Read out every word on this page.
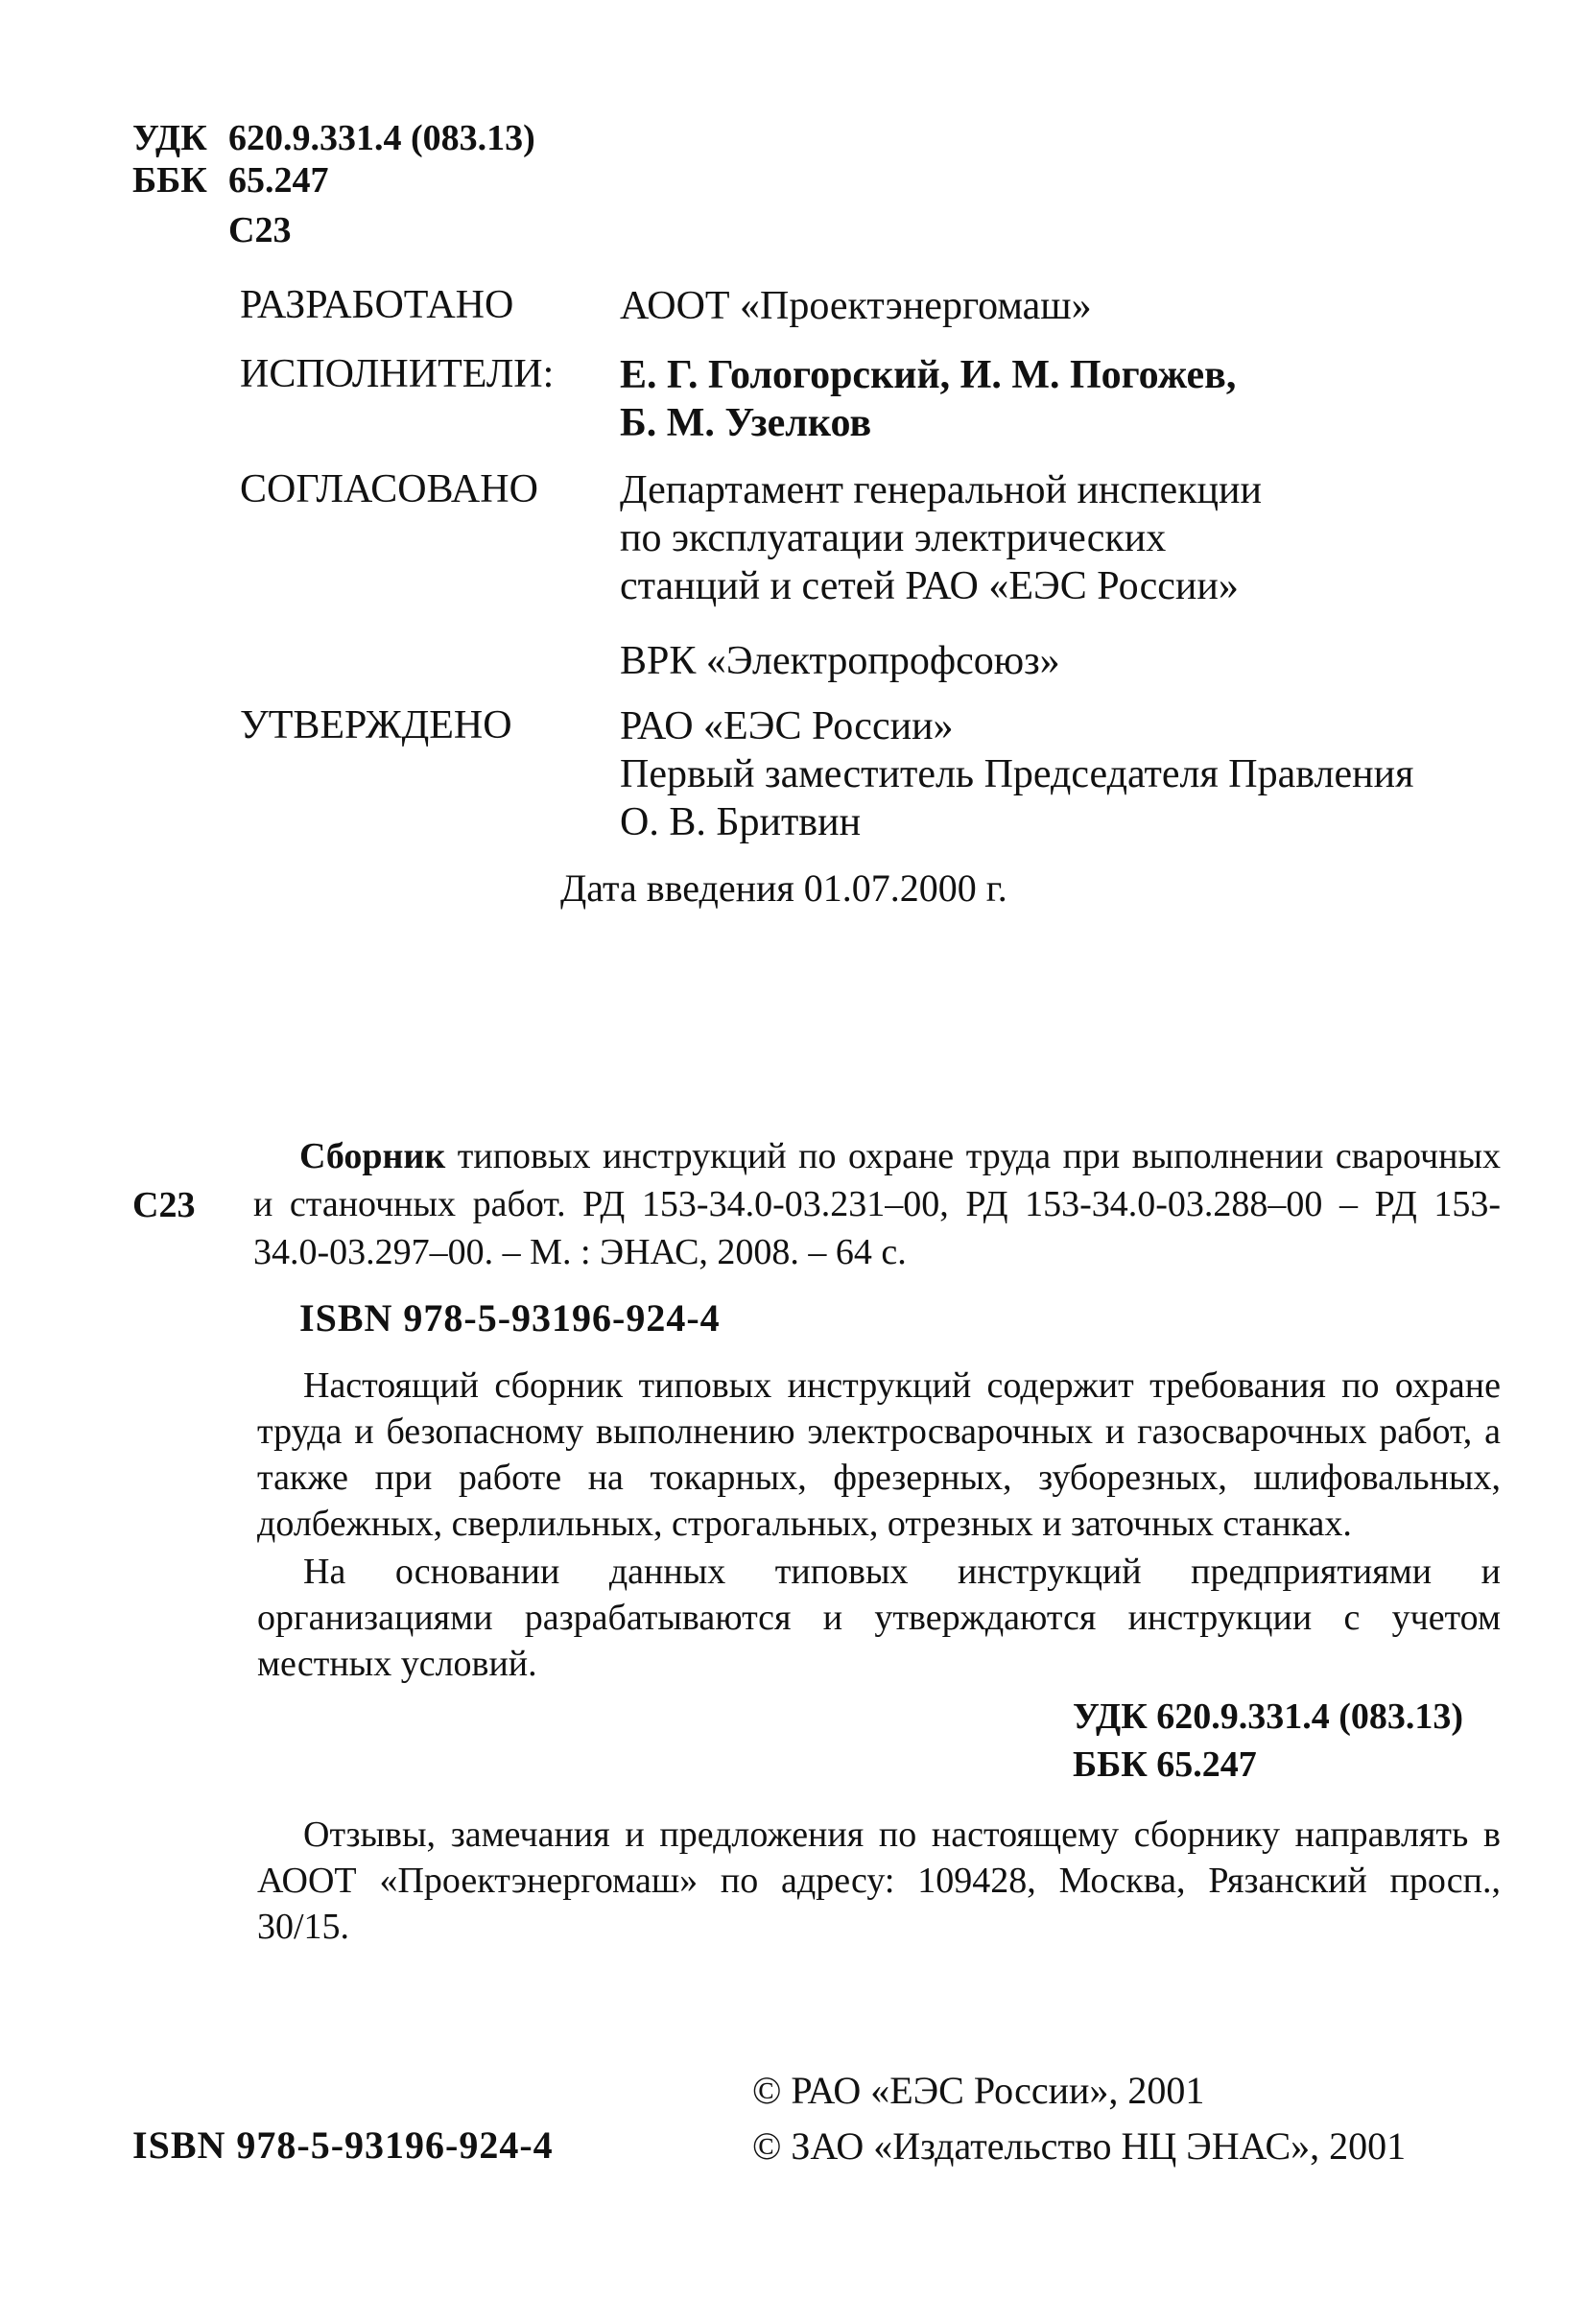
УДК 620.9.331.4 (083.13)
ББК 65.247
С23
РАЗРАБОТАНО	АООТ «Проектэнергомаш»
ИСПОЛНИТЕЛИ: Е. Г. Гологорский, И. М. Погожев,
Б. М. Узелков
СОГЛАСОВАНО Департамент генеральной инспекции
по эксплуатации электрических
станций и сетей РАО «ЕЭС России»
ВРК «Электропрофсоюз»
УТВЕРЖДЕНО	РАО «ЕЭС России»
Первый заместитель Председателя Правления
О. В. Бритвин
Дата введения 01.07.2000 г.
С23

Сборник типовых инструкций по охране труда при выполнении сварочных и станочных работ. РД 153-34.0-03.231–00, РД 153-34.0-03.288–00 – РД 153-34.0-03.297–00. – М. : ЭНАС, 2008. – 64 с.

ISBN 978-5-93196-924-4

Настоящий сборник типовых инструкций содержит требования по охране труда и безопасному выполнению электросварочных и газосварочных работ, а также при работе на токарных, фрезерных, зуборезных, шлифовальных, долбежных, сверлильных, строгальных, отрезных и заточных станках.

На основании данных типовых инструкций предприятиями и организациями разрабатываются и утверждаются инструкции с учетом местных условий.

УДК 620.9.331.4 (083.13)
ББК 65.247

Отзывы, замечания и предложения по настоящему сборнику направлять в АООТ «Проектэнергомаш» по адресу: 109428, Москва, Рязанский просп., 30/15.

ISBN 978-5-93196-924-4
© РАО «ЕЭС России», 2001
© ЗАО «Издательство НЦ ЭНАС», 2001
